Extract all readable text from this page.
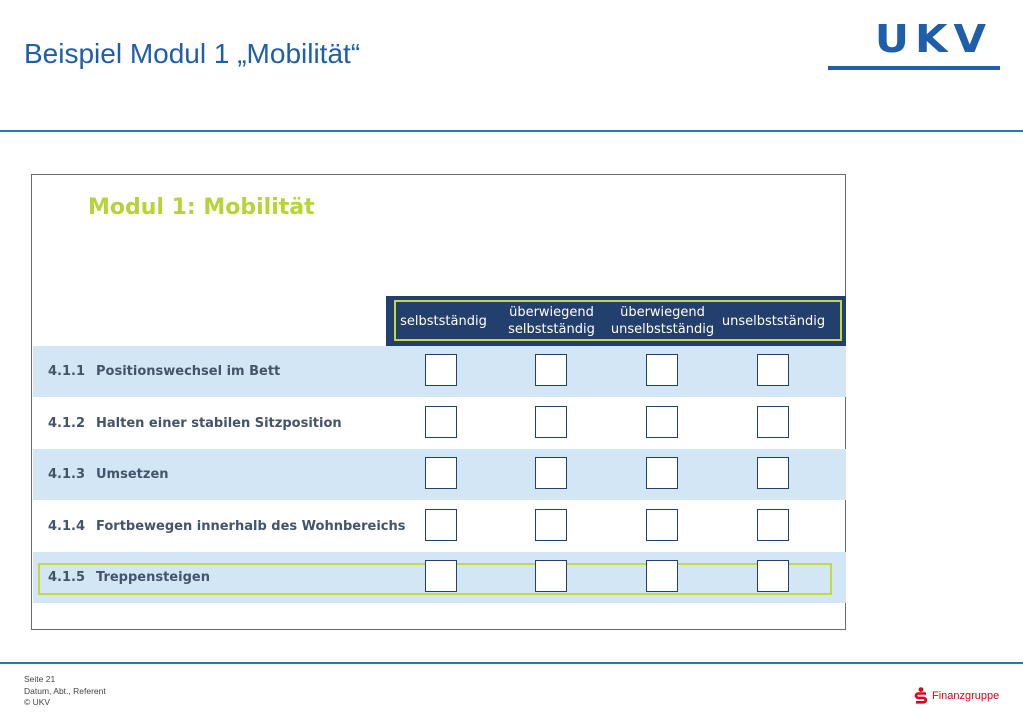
Beispiel Modul 1 „Mobilität“	UKV
Modul 1: Mobilität
selbstständig
überwiegend
selbstständig
überwiegend
unselbstständig
unselbstständig
4.1.1 Positionswechsel im Bett
4.1.2 Halten einer stabilen Sitzposition
4.1.3 Umsetzen
4.1.4 Fortbewegen innerhalb des Wohnbereichs
4.1.5 Treppensteigen
Seite 21
Datum, Abt., Referent
© UKV	Finanzgruppe
